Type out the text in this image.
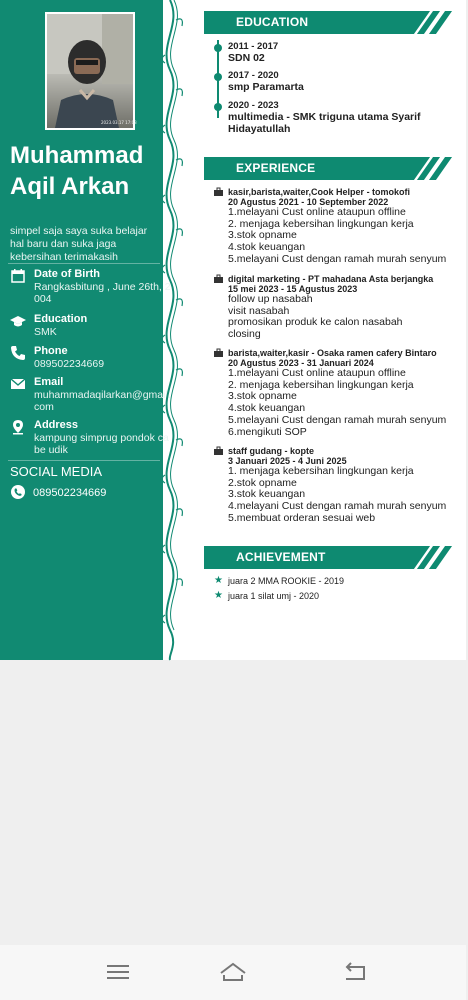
2023.03.17 17:03
Muhammad
Aqil Arkan
simpel saja saya suka belajar hal baru dan suka jaga kebersihan terimakasih
Date of Birth
Rangkasbitung , June 26th, 2004
Education
SMK
Phone
089502234669
Email
muhammadaqilarkan@gmail.com
Address
kampung simprug pondok cabe udik
SOCIAL MEDIA
089502234669
EDUCATION
2011 - 2017
SDN 02
2017 - 2020
smp Paramarta
2020 - 2023
multimedia - SMK triguna utama Syarif Hidayatullah
EXPERIENCE
kasir,barista,waiter,Cook Helper - tomokofi
20 Agustus 2021 - 10 September 2022
1.melayani Cust online ataupun offline
2. menjaga kebersihan lingkungan kerja
3.stok opname
4.stok keuangan
5.melayani Cust dengan ramah murah senyum
digital marketing - PT mahadana Asta berjangka
15 mei 2023 - 15 Agustus 2023
follow up nasabah
visit nasabah
promosikan produk ke calon nasabah
closing
barista,waiter,kasir - Osaka ramen cafery Bintaro
20 Agustus 2023 - 31 Januari 2024
1.melayani Cust online ataupun offline
2. menjaga kebersihan lingkungan kerja
3.stok opname
4.stok keuangan
5.melayani Cust dengan ramah murah senyum
6.mengikuti SOP
staff gudang - kopte
3 Januari 2025 - 4 Juni 2025
1. menjaga kebersihan lingkungan kerja
2.stok opname
3.stok keuangan
4.melayani Cust dengan ramah murah senyum
5.membuat orderan sesuai web
ACHIEVEMENT
★ juara 2 MMA ROOKIE - 2019
★ juara 1 silat umj - 2020
